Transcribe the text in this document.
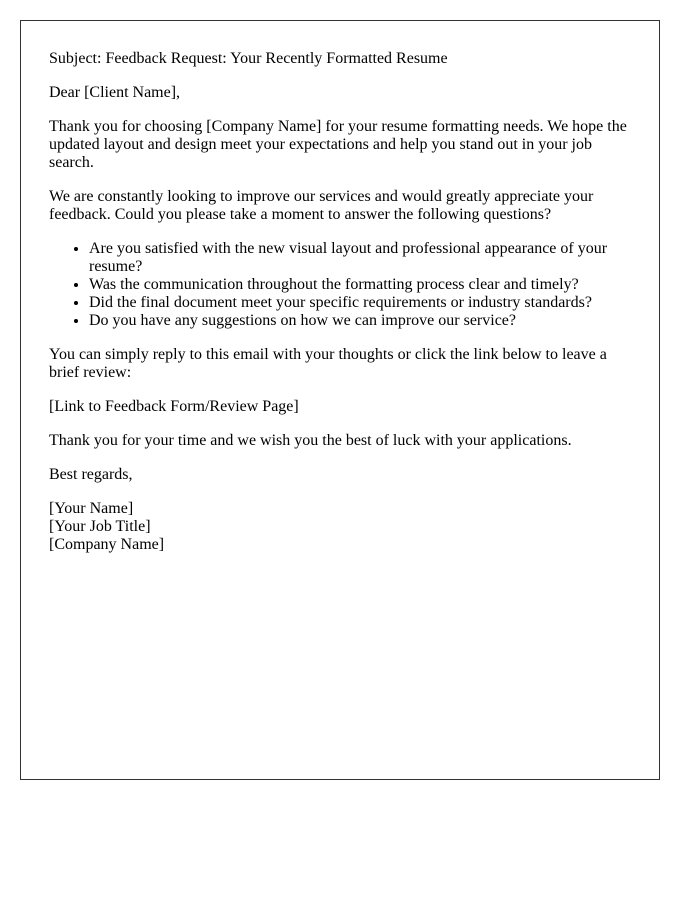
Subject: Feedback Request: Your Recently Formatted Resume

Dear [Client Name],

Thank you for choosing [Company Name] for your resume formatting needs. We hope the updated layout and design meet your expectations and help you stand out in your job search.

We are constantly looking to improve our services and would greatly appreciate your feedback. Could you please take a moment to answer the following questions?

• Are you satisfied with the new visual layout and professional appearance of your resume?
• Was the communication throughout the formatting process clear and timely?
• Did the final document meet your specific requirements or industry standards?
• Do you have any suggestions on how we can improve our service?

You can simply reply to this email with your thoughts or click the link below to leave a brief review:

[Link to Feedback Form/Review Page]

Thank you for your time and we wish you the best of luck with your applications.

Best regards,

[Your Name]
[Your Job Title]
[Company Name]
